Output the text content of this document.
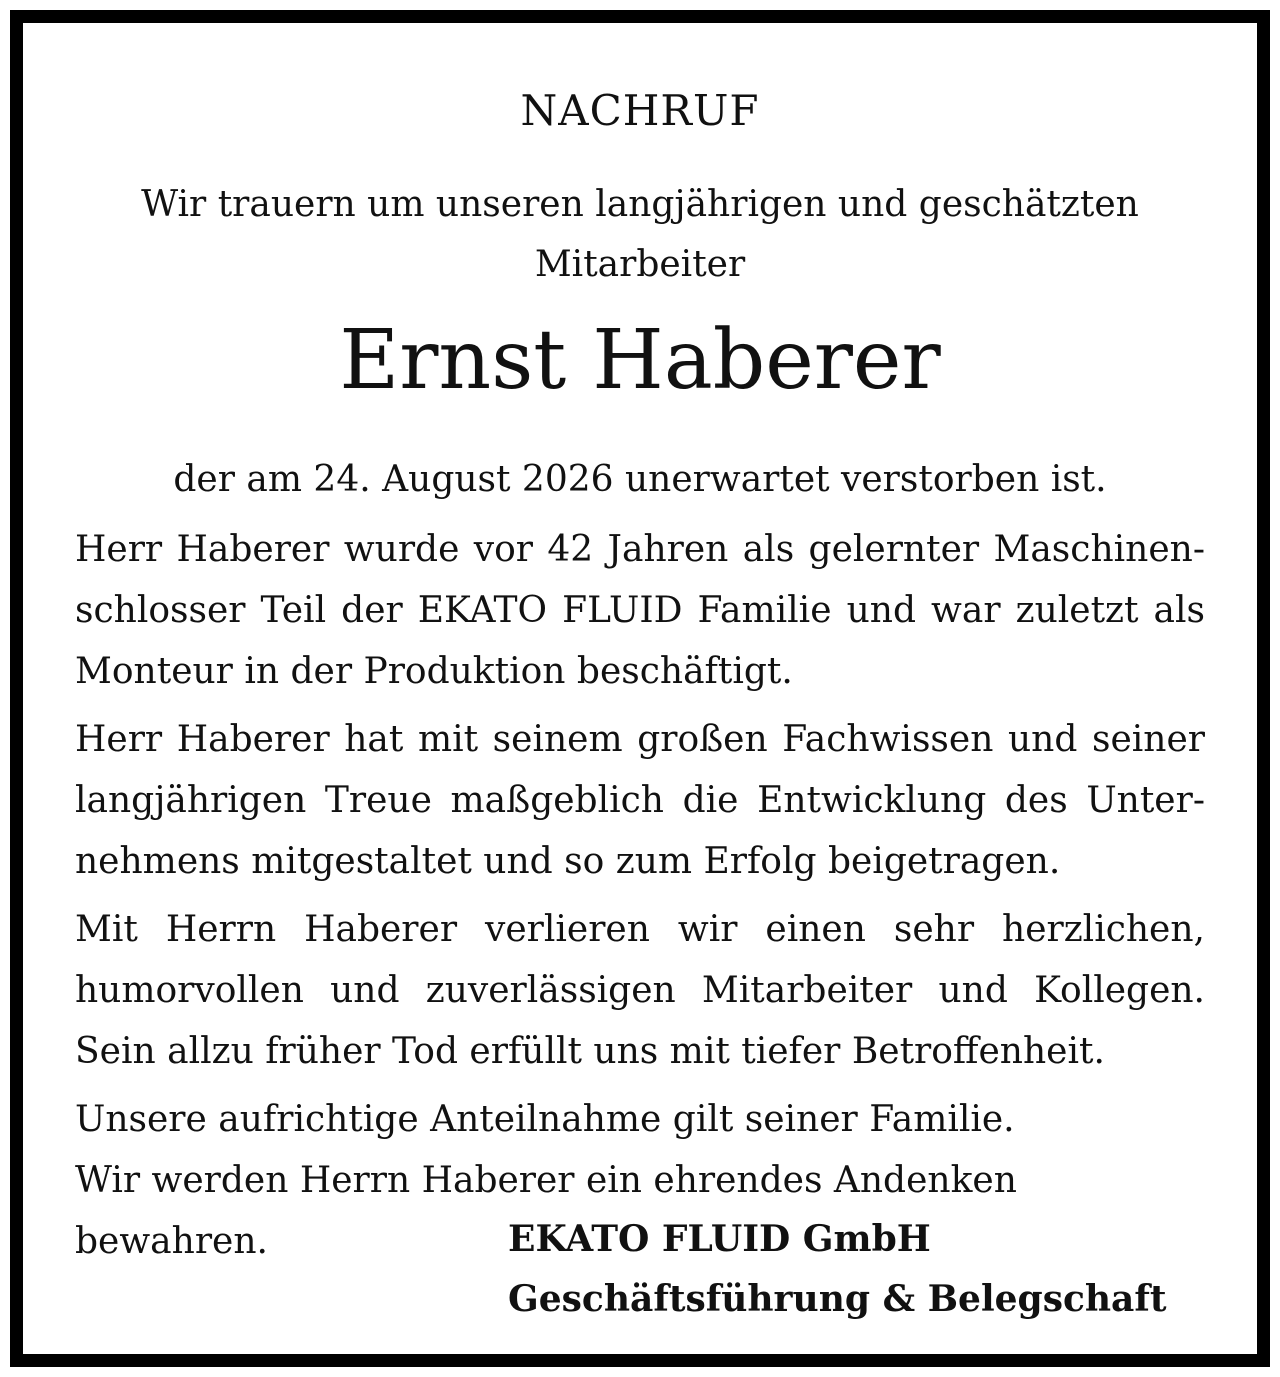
NACHRUF
Wir trauern um unseren langjährigen und geschätzten
Mitarbeiter
Ernst Haberer
der am 24. August 2026 unerwartet verstorben ist.

Herr Haberer wurde vor 42 Jahren als gelernter Maschinenschlosser Teil der EKATO FLUID Familie und war zuletzt als Monteur in der Produktion beschäftigt.

Herr Haberer hat mit seinem großen Fachwissen und seiner langjährigen Treue maßgeblich die Entwicklung des Unternehmens mitgestaltet und so zum Erfolg beigetragen.

Mit Herrn Haberer verlieren wir einen sehr herzlichen, humorvollen und zuverlässigen Mitarbeiter und Kollegen. Sein allzu früher Tod erfüllt uns mit tiefer Betroffenheit.

Unsere aufrichtige Anteilnahme gilt seiner Familie.
Wir werden Herrn Haberer ein ehrendes Andenken bewahren.	EKATO FLUID GmbH
Geschäftsführung & Belegschaft
